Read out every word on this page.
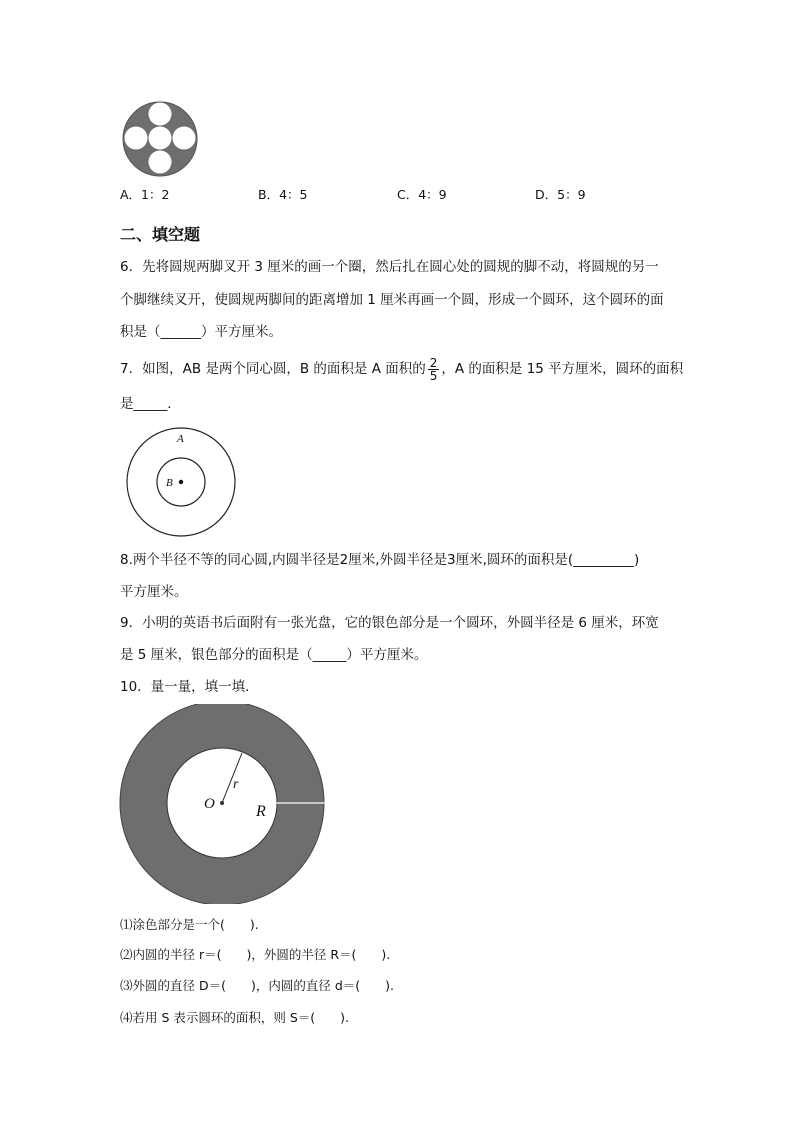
A．1：2	B．4：5	C．4：9	D．5：9
二、填空题
6．先将圆规两脚叉开 3 厘米的画一个圈，然后扎在圆心处的圆规的脚不动，将圆规的另一
个脚继续叉开，使圆规两脚间的距离增加 1 厘米再画一个圆，形成一个圆环，这个圆环的面
积是（______）平方厘米。
7．如图，AB 是两个同心圆，B 的面积是 A 面积的 $\frac{2}{5}$ ，A 的面积是 15 平方厘米，圆环的面积
是_____.
A
B
8.两个半径不等的同心圆,内圆半径是2厘米,外圆半径是3厘米,圆环的面积是(_________)
平方厘米。
9．小明的英语书后面附有一张光盘，它的银色部分是一个圆环，外圆半径是 6 厘米，环宽
是 5 厘米，银色部分的面积是（_____）平方厘米。
10．量一量，填一填．
O
r
R
⑴涂色部分是一个(　　).
⑵内圆的半径 r＝(　　)，外圆的半径 R＝(　　).
⑶外圆的直径 D＝(　　)，内圆的直径 d＝(　　).
⑷若用 S 表示圆环的面积，则 S＝(　　).
